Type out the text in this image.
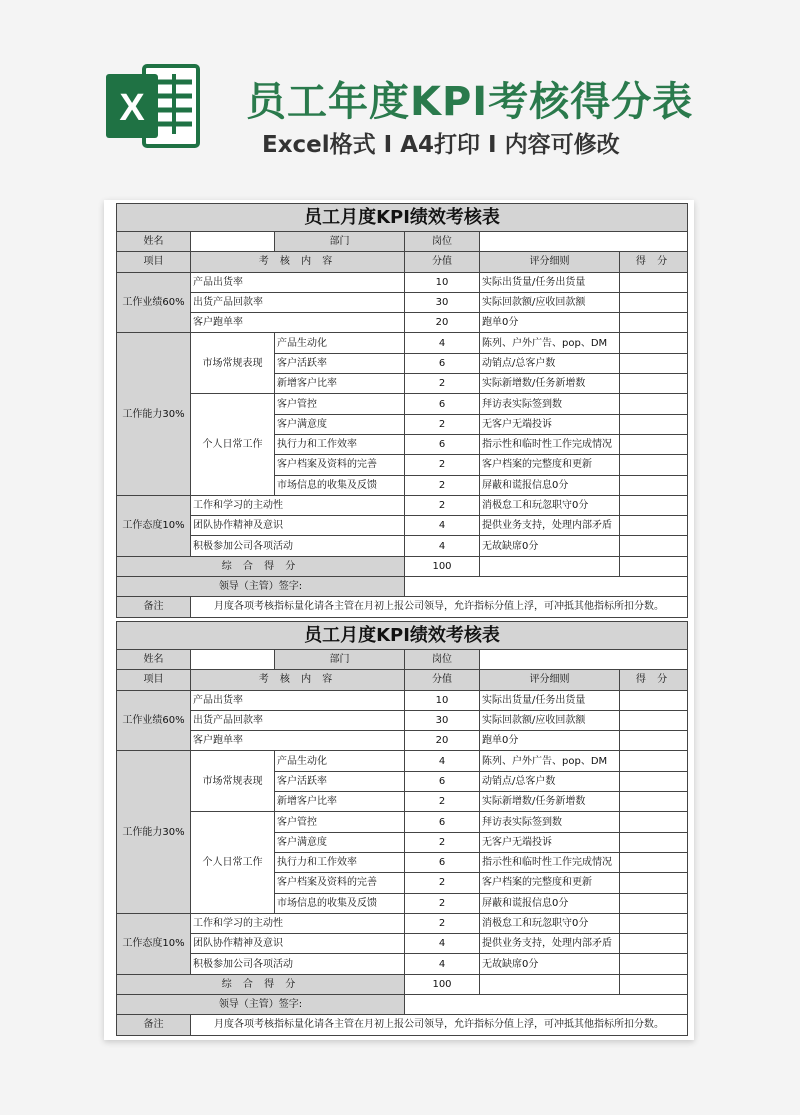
X	员工年度KPI考核得分表
Excel格式 I A4打印 I 内容可修改
员工月度KPI绩效考核表					
姓名		部门	岗位		
项目	考 核 内 容		分值	评分细则	得 分
工作业绩60%	产品出货率		10	实际出货量/任务出货量	
	出货产品回款率		30	实际回款额/应收回款额	
	客户跑单率		20	跑单0分	
工作能力30%	市场常规表现	产品生动化	4	陈列、户外广告、pop、DM	
		客户活跃率	6	动销点/总客户数	
		新增客户比率	2	实际新增数/任务新增数	
	个人日常工作	客户管控	6	拜访表实际签到数	
		客户满意度	2	无客户无端投诉	
		执行力和工作效率	6	指示性和临时性工作完成情况	
		客户档案及资料的完善	2	客户档案的完整度和更新	
		市场信息的收集及反馈	2	屏蔽和谎报信息0分	
工作态度10%	工作和学习的主动性		2	消极怠工和玩忽职守0分	
	团队协作精神及意识		4	提供业务支持，处理内部矛盾	
	积极参加公司各项活动		4	无故缺席0分	
综 合 得 分			100		
领导（主管）签字:					
备注	月度各项考核指标量化请各主管在月初上报公司领导，允许指标分值上浮，可冲抵其他指标所扣分数。				
员工月度KPI绩效考核表					
姓名		部门	岗位		
项目	考 核 内 容		分值	评分细则	得 分
工作业绩60%	产品出货率		10	实际出货量/任务出货量	
	出货产品回款率		30	实际回款额/应收回款额	
	客户跑单率		20	跑单0分	
工作能力30%	市场常规表现	产品生动化	4	陈列、户外广告、pop、DM	
		客户活跃率	6	动销点/总客户数	
		新增客户比率	2	实际新增数/任务新增数	
	个人日常工作	客户管控	6	拜访表实际签到数	
		客户满意度	2	无客户无端投诉	
		执行力和工作效率	6	指示性和临时性工作完成情况	
		客户档案及资料的完善	2	客户档案的完整度和更新	
		市场信息的收集及反馈	2	屏蔽和谎报信息0分	
工作态度10%	工作和学习的主动性		2	消极怠工和玩忽职守0分	
	团队协作精神及意识		4	提供业务支持，处理内部矛盾	
	积极参加公司各项活动		4	无故缺席0分	
综 合 得 分			100		
领导（主管）签字:					
备注	月度各项考核指标量化请各主管在月初上报公司领导，允许指标分值上浮，可冲抵其他指标所扣分数。				
